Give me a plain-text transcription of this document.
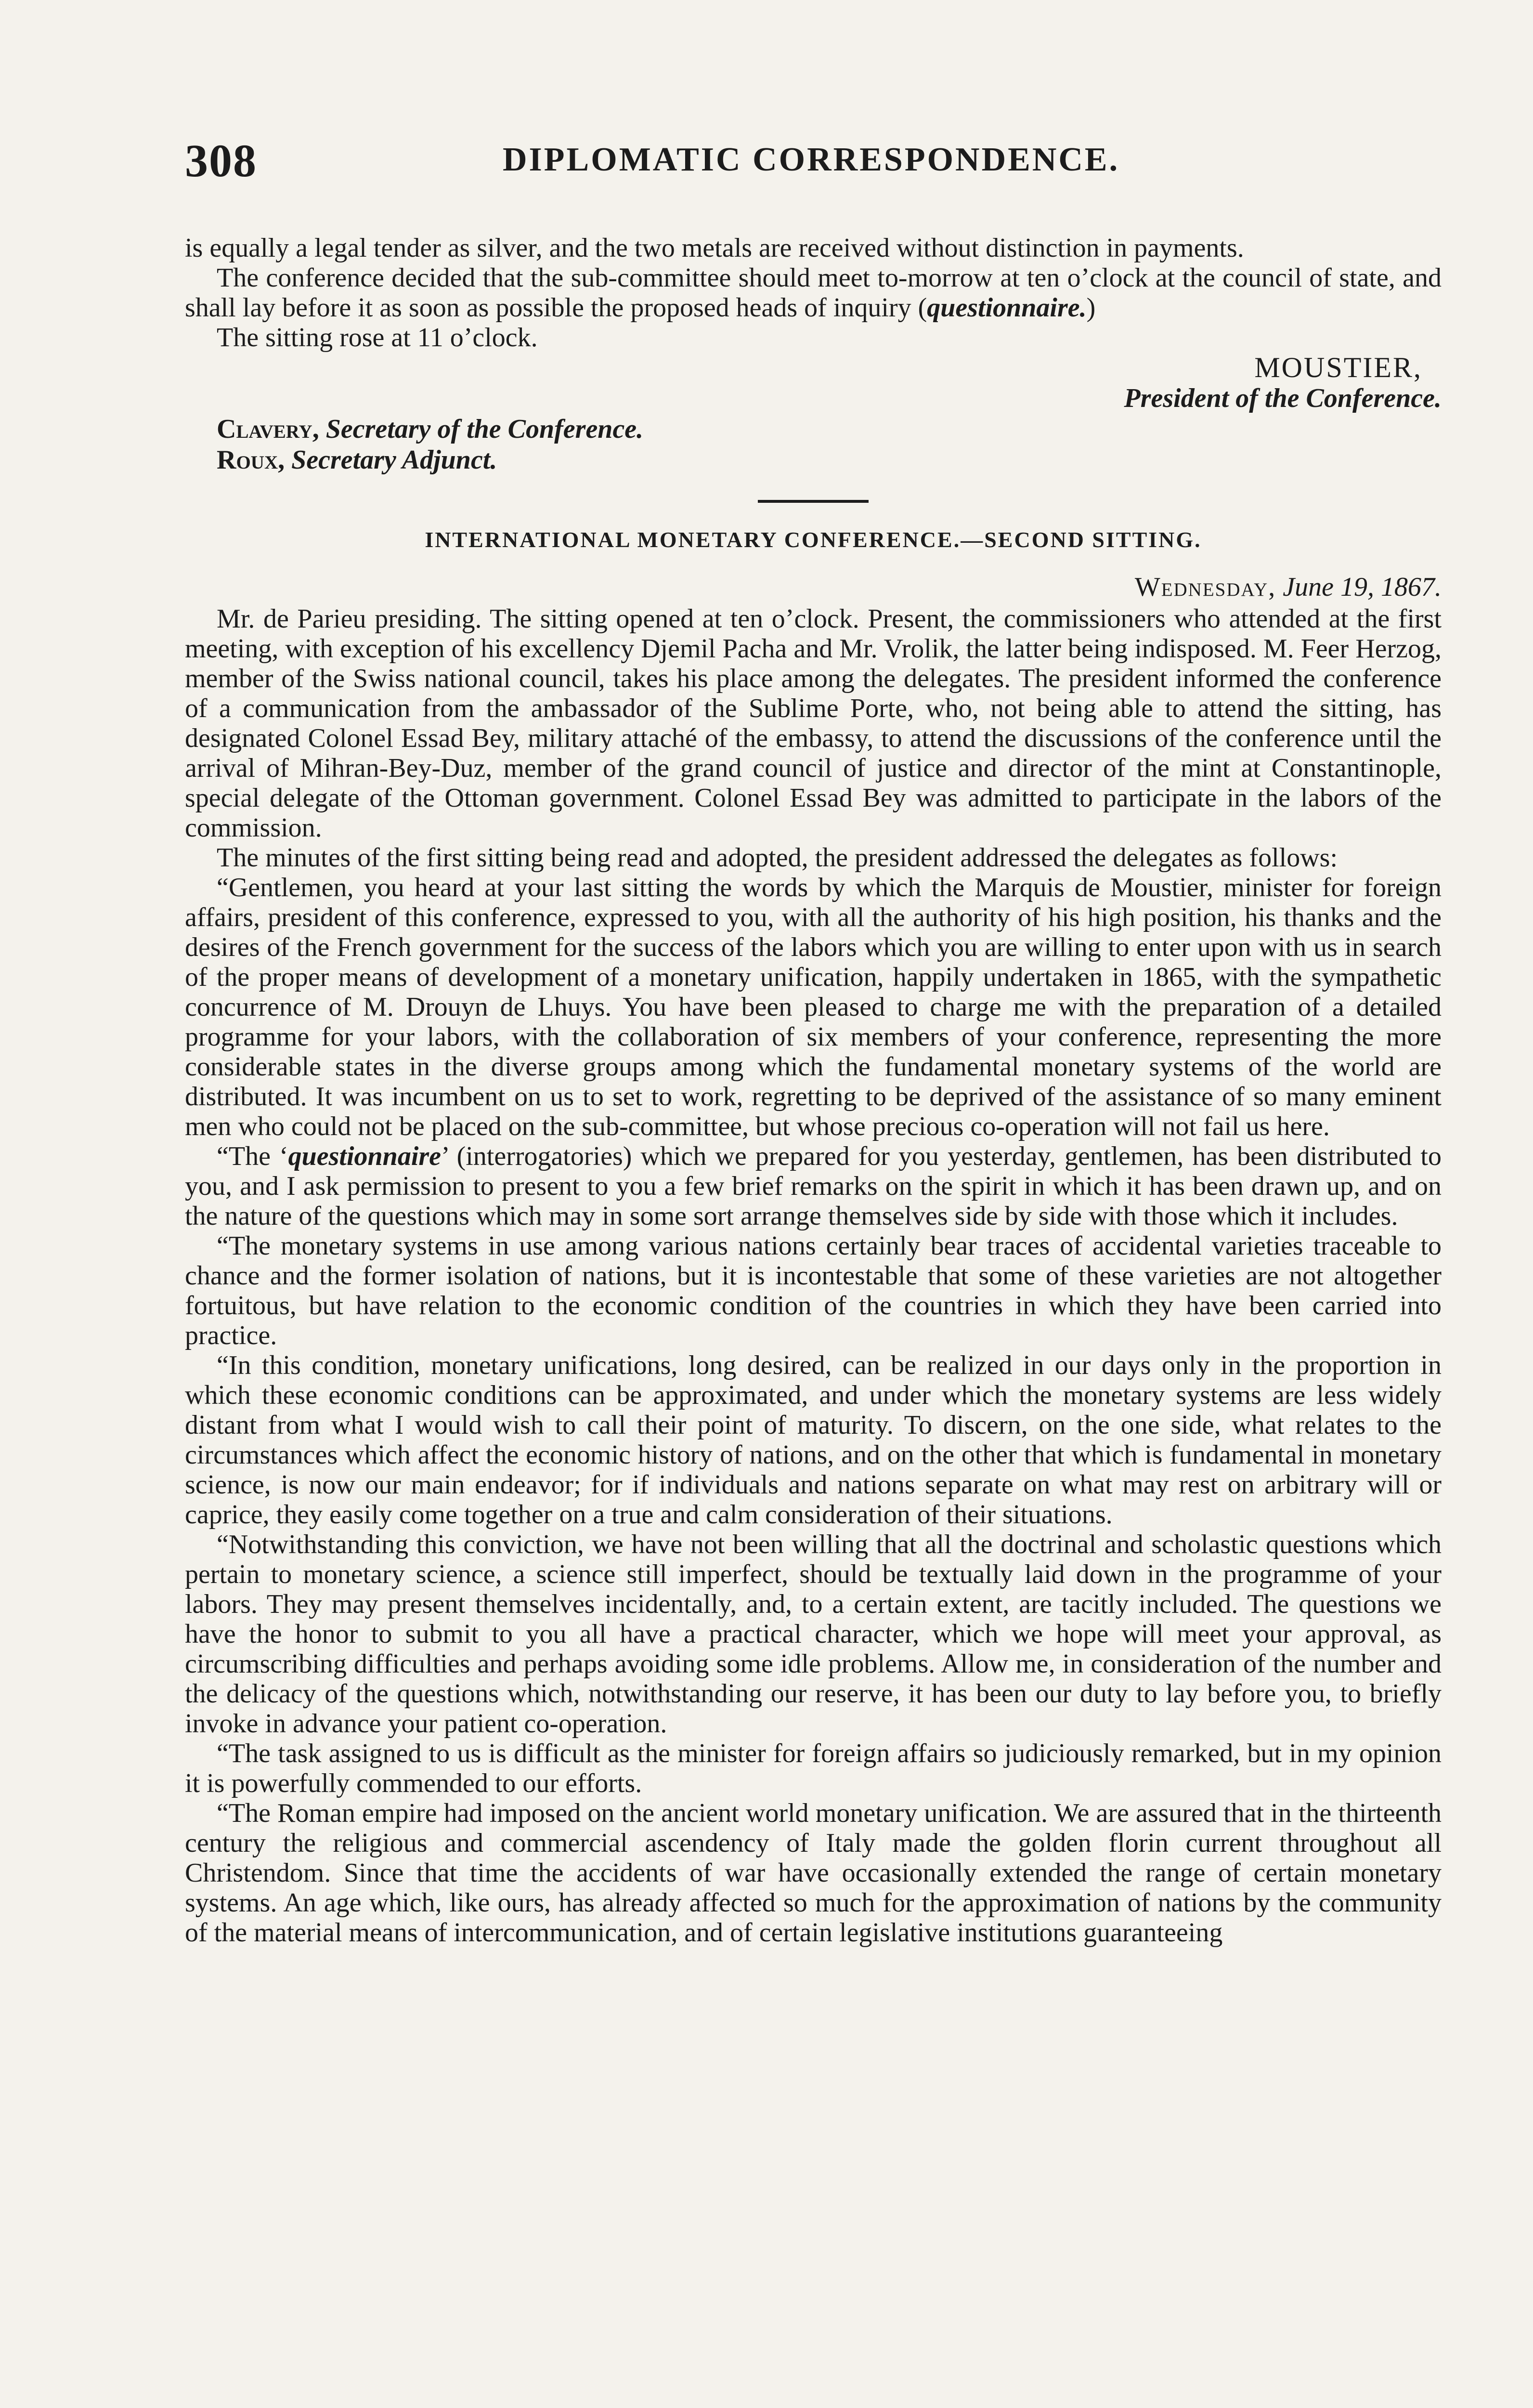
308	DIPLOMATIC CORRESPONDENCE.

is equally a legal tender as silver, and the two metals are received without distinction in payments.

The conference decided that the sub-committee should meet to-morrow at ten o’clock at the council of state, and shall lay before it as soon as possible the proposed heads of inquiry (questionnaire.)

The sitting rose at 11 o’clock.

MOUSTIER,
President of the Conference.
Clavery, Secretary of the Conference.
Roux, Secretary Adjunct.
INTERNATIONAL MONETARY CONFERENCE.—SECOND SITTING.
Wednesday, June 19, 1867.

Mr. de Parieu presiding. The sitting opened at ten o’clock. Present, the commissioners who attended at the first meeting, with exception of his excellency Djemil Pacha and Mr. Vrolik, the latter being indisposed. M. Feer Herzog, member of the Swiss national council, takes his place among the delegates. The president informed the conference of a communication from the ambassador of the Sublime Porte, who, not being able to attend the sitting, has designated Colonel Essad Bey, military attaché of the embassy, to attend the discussions of the conference until the arrival of Mihran-Bey-Duz, member of the grand council of justice and director of the mint at Constantinople, special delegate of the Ottoman government. Colonel Essad Bey was admitted to participate in the labors of the commission.

The minutes of the first sitting being read and adopted, the president addressed the delegates as follows:

“Gentlemen, you heard at your last sitting the words by which the Marquis de Moustier, minister for foreign affairs, president of this conference, expressed to you, with all the authority of his high position, his thanks and the desires of the French government for the success of the labors which you are willing to enter upon with us in search of the proper means of development of a monetary unification, happily undertaken in 1865, with the sympathetic concurrence of M. Drouyn de Lhuys. You have been pleased to charge me with the preparation of a detailed programme for your labors, with the collaboration of six members of your conference, representing the more considerable states in the diverse groups among which the fundamental monetary systems of the world are distributed. It was incumbent on us to set to work, regretting to be deprived of the assistance of so many eminent men who could not be placed on the sub-committee, but whose precious co-operation will not fail us here.

“The ‘questionnaire’ (interrogatories) which we prepared for you yesterday, gentlemen, has been distributed to you, and I ask permission to present to you a few brief remarks on the spirit in which it has been drawn up, and on the nature of the questions which may in some sort arrange themselves side by side with those which it includes.

“The monetary systems in use among various nations certainly bear traces of accidental varieties traceable to chance and the former isolation of nations, but it is incontestable that some of these varieties are not altogether fortuitous, but have relation to the economic condition of the countries in which they have been carried into practice.

“In this condition, monetary unifications, long desired, can be realized in our days only in the proportion in which these economic conditions can be approximated, and under which the monetary systems are less widely distant from what I would wish to call their point of maturity. To discern, on the one side, what relates to the circumstances which affect the economic history of nations, and on the other that which is fundamental in monetary science, is now our main endeavor; for if individuals and nations separate on what may rest on arbitrary will or caprice, they easily come together on a true and calm consideration of their situations.

“Notwithstanding this conviction, we have not been willing that all the doctrinal and scholastic questions which pertain to monetary science, a science still imperfect, should be textually laid down in the programme of your labors. They may present themselves incidentally, and, to a certain extent, are tacitly included. The questions we have the honor to submit to you all have a practical character, which we hope will meet your approval, as circumscribing difficulties and perhaps avoiding some idle problems. Allow me, in consideration of the number and the delicacy of the questions which, notwithstanding our reserve, it has been our duty to lay before you, to briefly invoke in advance your patient co-operation.

“The task assigned to us is difficult as the minister for foreign affairs so judiciously remarked, but in my opinion it is powerfully commended to our efforts.

“The Roman empire had imposed on the ancient world monetary unification. We are assured that in the thirteenth century the religious and commercial ascendency of Italy made the golden florin current throughout all Christendom. Since that time the accidents of war have occasionally extended the range of certain monetary systems. An age which, like ours, has already affected so much for the approximation of nations by the community of the material means of intercommunication, and of certain legislative institutions guaranteeing
